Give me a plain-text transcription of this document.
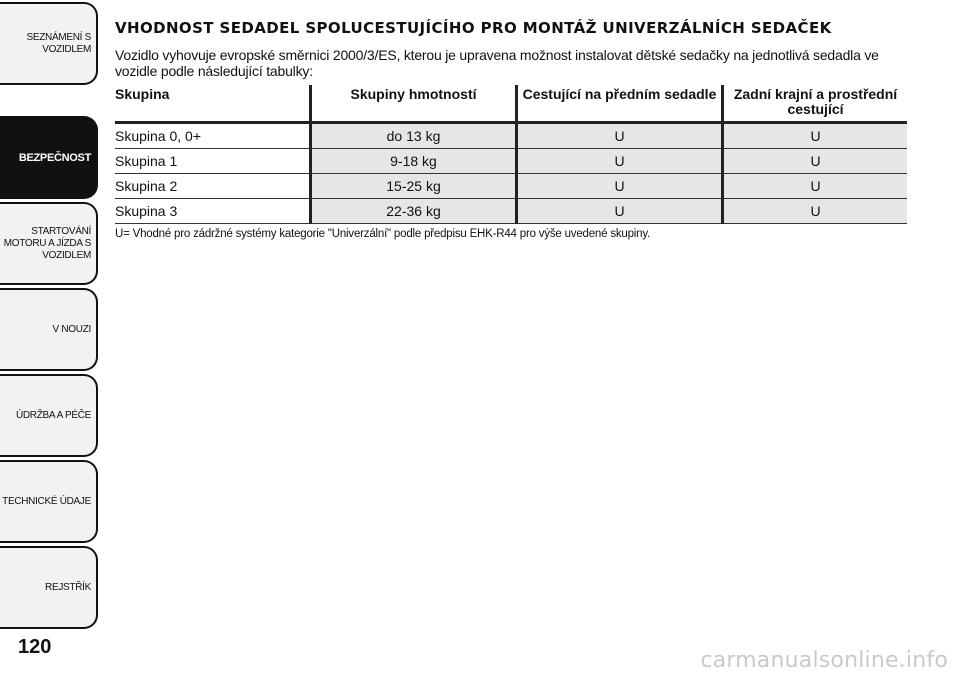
SEZNÁMENÍ S
VOZIDLEM
BEZPEČNOST
STARTOVÁNÍ
MOTORU A JÍZDA S
VOZIDLEM
V NOUZI
ÚDRŽBA A PÉČE
TECHNICKÉ ÚDAJE
REJSTŘÍK
120
VHODNOST SEDADEL SPOLUCESTUJÍCÍHO PRO MONTÁŽ UNIVERZÁLNÍCH SEDAČEK

Vozidlo vyhovuje evropské směrnici 2000/3/ES, kterou je upravena možnost instalovat dětské sedačky na jednotlivá sedadla ve vozidle podle následující tabulky:

Skupina	Skupiny hmotností	Cestující na předním sedadle	Zadní krajní a prostřední cestující
Skupina 0, 0+	do 13 kg	U	U
Skupina 1	9-18 kg	U	U
Skupina 2	15-25 kg	U	U
Skupina 3	22-36 kg	U	U
U= Vhodné pro zádržné systémy kategorie "Univerzální" podle předpisu EHK-R44 pro výše uvedené skupiny.
carmanualsonline.info
